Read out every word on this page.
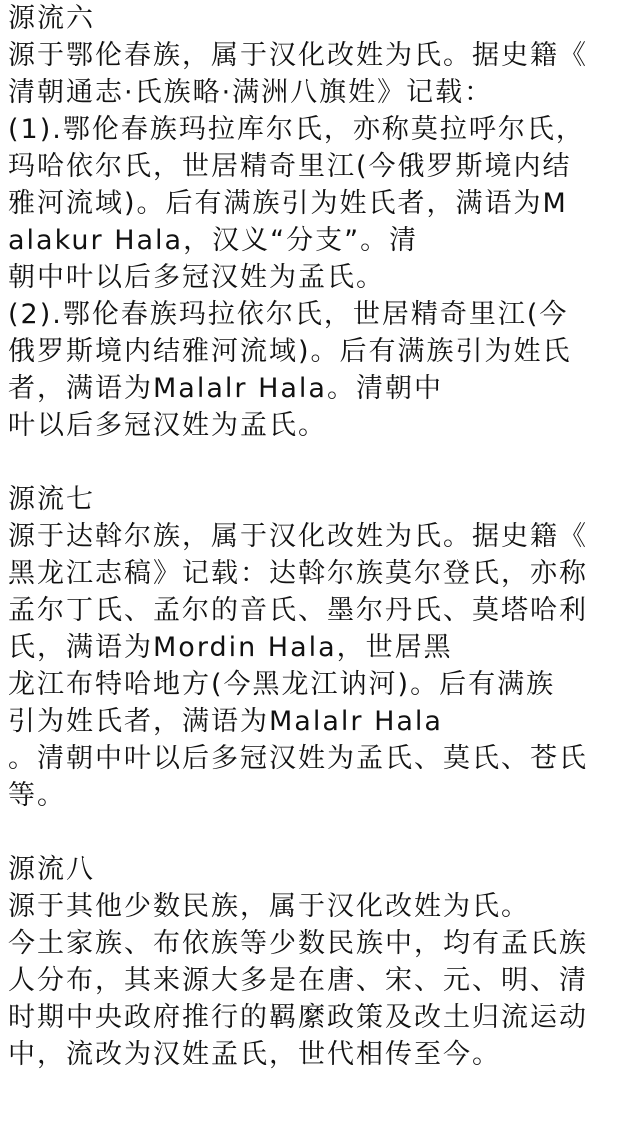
源流六
源于鄂伦春族，属于汉化改姓为氏。据史籍《
清朝通志·氏族略·满洲八旗姓》记载：
(1).鄂伦春族玛拉库尔氏，亦称莫拉呼尔氏，
玛哈依尔氏，世居精奇里江(今俄罗斯境内结
雅河流域)。后有满族引为姓氏者，满语为M
alakur Hala，汉义“分支”。清
朝中叶以后多冠汉姓为孟氏。
(2).鄂伦春族玛拉依尔氏，世居精奇里江(今
俄罗斯境内结雅河流域)。后有满族引为姓氏
者，满语为Malalr Hala。清朝中
叶以后多冠汉姓为孟氏。
源流七
源于达斡尔族，属于汉化改姓为氏。据史籍《
黑龙江志稿》记载：达斡尔族莫尔登氏，亦称
孟尔丁氏、孟尔的音氏、墨尔丹氏、莫塔哈利
氏，满语为Mordin Hala，世居黑
龙江布特哈地方(今黑龙江讷河)。后有满族
引为姓氏者，满语为Malalr Hala
。清朝中叶以后多冠汉姓为孟氏、莫氏、苍氏
等。
源流八
源于其他少数民族，属于汉化改姓为氏。
今土家族、布依族等少数民族中，均有孟氏族
人分布，其来源大多是在唐、宋、元、明、清
时期中央政府推行的羁縻政策及改土归流运动
中，流改为汉姓孟氏，世代相传至今。
